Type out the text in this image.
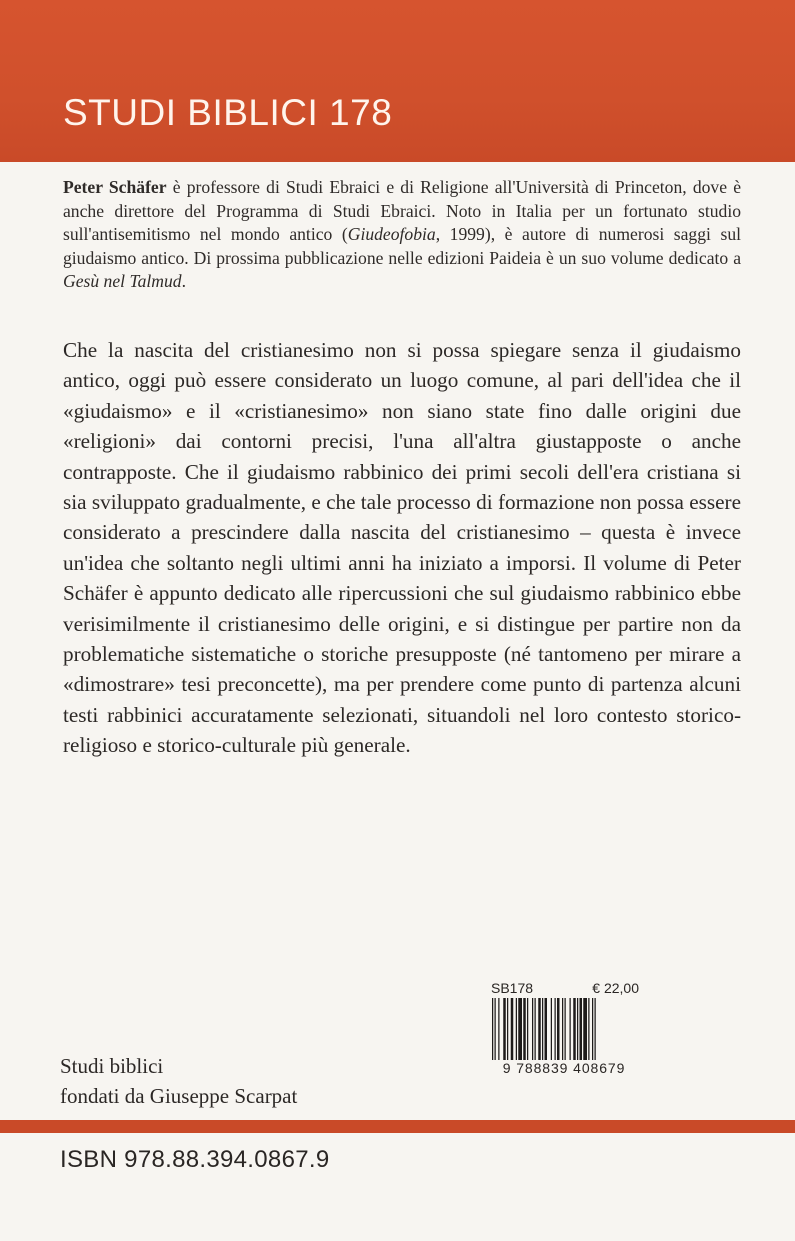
STUDI BIBLICI 178
Peter Schäfer è professore di Studi Ebraici e di Religione all'Università di Princeton, dove è anche direttore del Programma di Studi Ebraici. Noto in Italia per un fortunato studio sull'antisemitismo nel mondo antico (Giudeofobia, 1999), è autore di numerosi saggi sul giudaismo antico. Di prossima pubblicazione nelle edizioni Paideia è un suo volume dedicato a Gesù nel Talmud.
Che la nascita del cristianesimo non si possa spiegare senza il giudaismo antico, oggi può essere considerato un luogo comune, al pari dell'idea che il «giudaismo» e il «cristianesimo» non siano state fino dalle origini due «religioni» dai contorni precisi, l'una all'altra giustapposte o anche contrapposte. Che il giudaismo rabbinico dei primi secoli dell'era cristiana si sia sviluppato gradualmente, e che tale processo di formazione non possa essere considerato a prescindere dalla nascita del cristianesimo – questa è invece un'idea che soltanto negli ultimi anni ha iniziato a imporsi. Il volume di Peter Schäfer è appunto dedicato alle ripercussioni che sul giudaismo rabbinico ebbe verisimilmente il cristianesimo delle origini, e si distingue per partire non da problematiche sistematiche o storiche presupposte (né tantomeno per mirare a «dimostrare» tesi preconcette), ma per prendere come punto di partenza alcuni testi rabbinici accuratamente selezionati, situandoli nel loro contesto storico-religioso e storico-culturale più generale.
SB178	€ 22,00
9 788839 408679
Studi biblici
fondati da Giuseppe Scarpat
ISBN 978.88.394.0867.9
